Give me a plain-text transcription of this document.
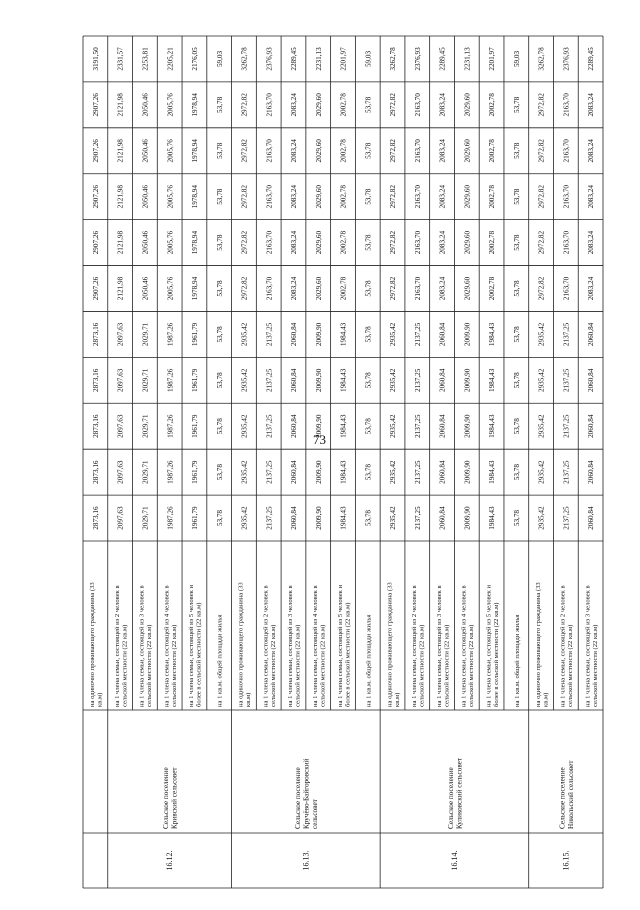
на одиночно проживающего гражданина (33 кв.м)
2873,16
2873,16
2873,16
2873,16
2873,16
2907,26
2907,26
2907,26
2907,26
2907,26
3191,50
на 1 члена семьи, состоящей из 2 человек в сельской местности (22 кв.м)
2097,63
2097,63
2097,63
2097,63
2097,63
2121,98
2121,98
2121,98
2121,98
2121,98
2331,57
на 1 члена семьи, состоящей из 3 человек в сельской местности (22 кв.м)
2029,71
2029,71
2029,71
2029,71
2029,71
2050,46
2050,46
2050,46
2050,46
2050,46
2253,81
на 1 члена семьи, состоящей из 4 человек в сельской местности (22 кв.м)
1987,26
1987,26
1987,26
1987,26
1987,26
2005,76
2005,76
2005,76
2005,76
2005,76
2205,21
на 1 члена семьи, состоящей из 5 человек и более в сельской местности (22 кв.м)
1961,79
1961,79
1961,79
1961,79
1961,79
1978,94
1978,94
1978,94
1978,94
1978,94
2176,05
на 1 кв.м. общей площади жилья
53,78
53,78
53,78
53,78
53,78
53,78
53,78
53,78
53,78
53,78
59,03
на одиночно проживающего гражданина (33 кв.м)
2935,42
2935,42
2935,42
2935,42
2935,42
2972,82
2972,82
2972,82
2972,82
2972,82
3262,78
на 1 члена семьи, состоящей из 2 человек в сельской местности (22 кв.м)
2137,25
2137,25
2137,25
2137,25
2137,25
2163,70
2163,70
2163,70
2163,70
2163,70
2376,93
на 1 члена семьи, состоящей из 3 человек в сельской местности (22 кв.м)
2060,84
2060,84
2060,84
2060,84
2060,84
2083,24
2083,24
2083,24
2083,24
2083,24
2289,45
на 1 члена семьи, состоящей из 4 человек в сельской местности (22 кв.м)
2009,90
2009,90
2009,90
2009,90
2009,90
2029,60
2029,60
2029,60
2029,60
2029,60
2231,13
на 1 члена семьи, состоящей из 5 человек и более в сельской местности (22 кв.м)
1984,43
1984,43
1984,43
1984,43
1984,43
2002,78
2002,78
2002,78
2002,78
2002,78
2201,97
на 1 кв.м. общей площади жилья
53,78
53,78
53,78
53,78
53,78
53,78
53,78
53,78
53,78
53,78
59,03
на одиночно проживающего гражданина (33 кв.м)
2935,42
2935,42
2935,42
2935,42
2935,42
2972,82
2972,82
2972,82
2972,82
2972,82
3262,78
на 1 члена семьи, состоящей из 2 человек в сельской местности (22 кв.м)
2137,25
2137,25
2137,25
2137,25
2137,25
2163,70
2163,70
2163,70
2163,70
2163,70
2376,93
на 1 члена семьи, состоящей из 3 человек в сельской местности (22 кв.м)
2060,84
2060,84
2060,84
2060,84
2060,84
2083,24
2083,24
2083,24
2083,24
2083,24
2289,45
на 1 члена семьи, состоящей из 4 человек в сельской местности (22 кв.м)
2009,90
2009,90
2009,90
2009,90
2009,90
2029,60
2029,60
2029,60
2029,60
2029,60
2231,13
на 1 члена семьи, состоящей из 5 человек и более в сельской местности (22 кв.м)
1984,43
1984,43
1984,43
1984,43
1984,43
2002,78
2002,78
2002,78
2002,78
2002,78
2201,97
на 1 кв.м. общей площади жилья
53,78
53,78
53,78
53,78
53,78
53,78
53,78
53,78
53,78
53,78
59,03
на одиночно проживающего гражданина (33 кв.м)
2935,42
2935,42
2935,42
2935,42
2935,42
2972,82
2972,82
2972,82
2972,82
2972,82
3262,78
на 1 члена семьи, состоящей из 2 человек в сельской местности (22 кв.м)
2137,25
2137,25
2137,25
2137,25
2137,25
2163,70
2163,70
2163,70
2163,70
2163,70
2376,93
на 1 члена семьи, состоящей из 3 человек в сельской местности (22 кв.м)
2060,84
2060,84
2060,84
2060,84
2060,84
2083,24
2083,24
2083,24
2083,24
2083,24
2289,45
16.12.
Сельское поселение Кривский сельсовет
16.13.
Сельское поселение Кручёво-Байгоровский сельсовет
16.14.
Сельское поселение Куликовский сельсовет
16.15.
Сельское поселение Никольский сельсовет
73
